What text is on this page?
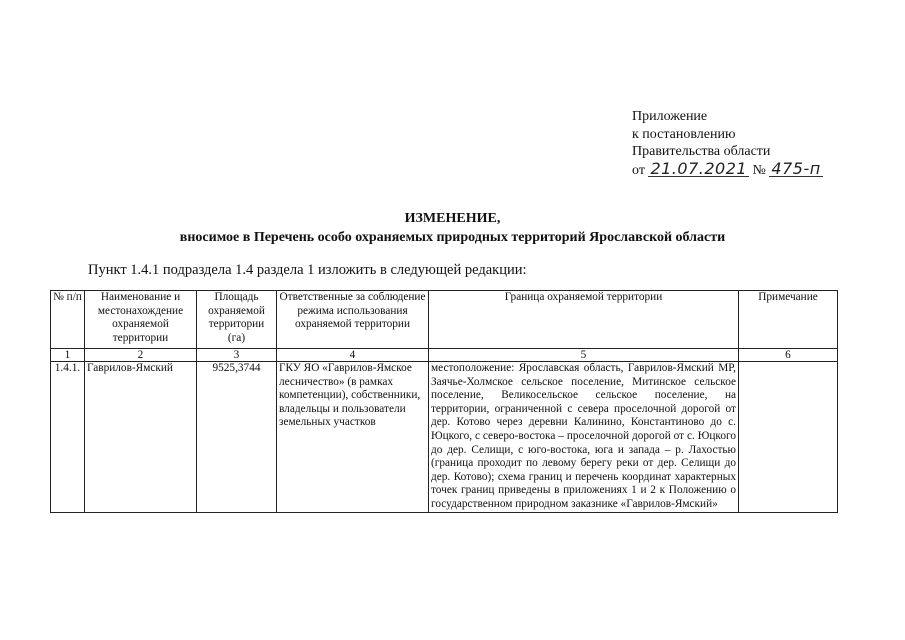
Приложение
к постановлению
Правительства области
от 21.07.2021 № 475-п
ИЗМЕНЕНИЕ,
вносимое в Перечень особо охраняемых природных территорий Ярославской области
Пункт 1.4.1 подраздела 1.4 раздела 1 изложить в следующей редакции:
№ п/п	Наименование и местонахождение охраняемой территории	Площадь охраняемой территории (га)	Ответственные за соблюдение режима использования охраняемой территории	Граница охраняемой территории	Примечание
1	2	3	4	5	6
1.4.1.	Гаврилов-Ямский	9525,3744	ГКУ ЯО «Гаврилов-Ямское лесничество» (в рамках компетенции), собственники, владельцы и пользователи земельных участков	местоположение: Ярославская область, Гаврилов-Ямский МР, Заячье-Холмское сельское поселение, Митинское сельское поселение, Великосельское сельское поселение, на территории, ограниченной с севера проселочной дорогой от дер. Котово через деревни Калинино, Константиново до с. Юцкого, с северо-востока – проселочной дорогой от с. Юцкого до дер. Селищи, с юго-востока, юга и запада – р. Лахостью (граница проходит по левому берегу реки от дер. Селищи до дер. Котово); схема границ и перечень координат характерных точек границ приведены в приложениях 1 и 2 к Положению о государственном природном заказнике «Гаврилов-Ямский»	
